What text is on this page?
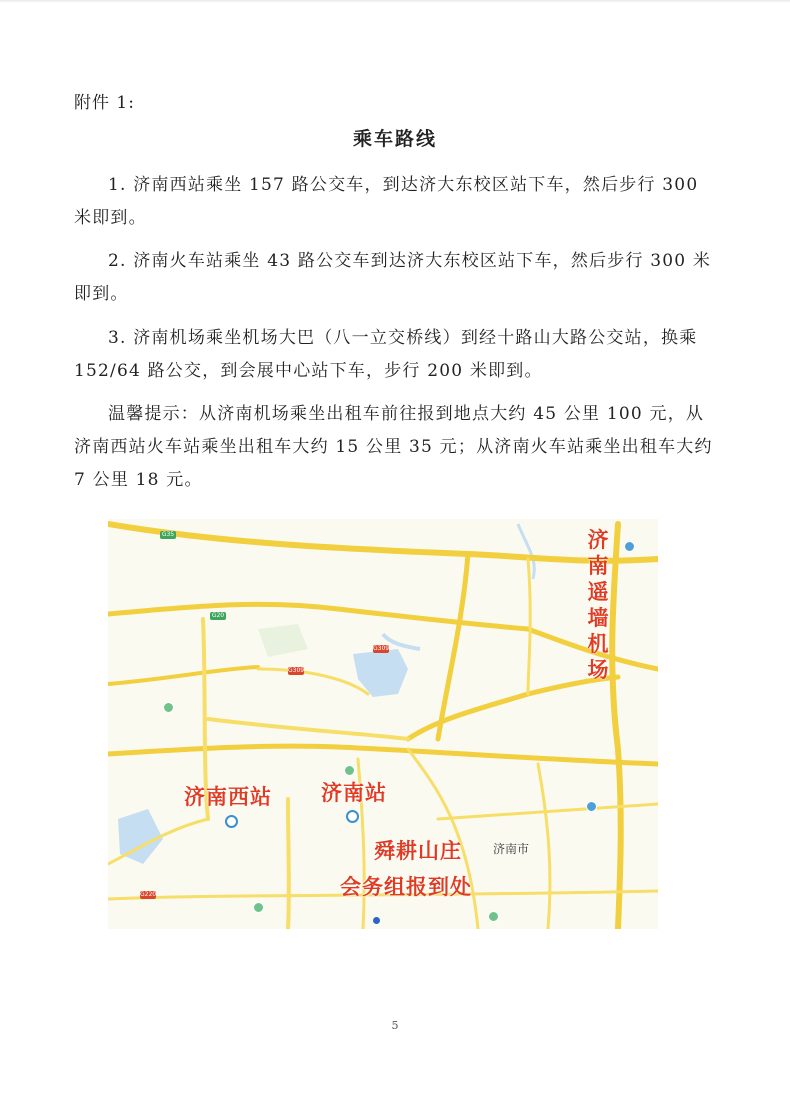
附件 1:
乘车路线

1. 济南西站乘坐 157 路公交车，到达济大东校区站下车，然后步行 300 米即到。

2. 济南火车站乘坐 43 路公交车到达济大东校区站下车，然后步行 300 米即到。

3. 济南机场乘坐机场大巴（八一立交桥线）到经十路山大路公交站，换乘 152/64 路公交，到会展中心站下车，步行 200 米即到。

温馨提示：从济南机场乘坐出租车前往报到地点大约 45 公里 100 元，从济南西站火车站乘坐出租车大约 15 公里 35 元；从济南火车站乘坐出租车大约 7 公里 18 元。

G35
G20
G309
G309
G220
济南遥墙机场
济南西站 济南站
舜耕山庄
会务组报到处
济南市
5
